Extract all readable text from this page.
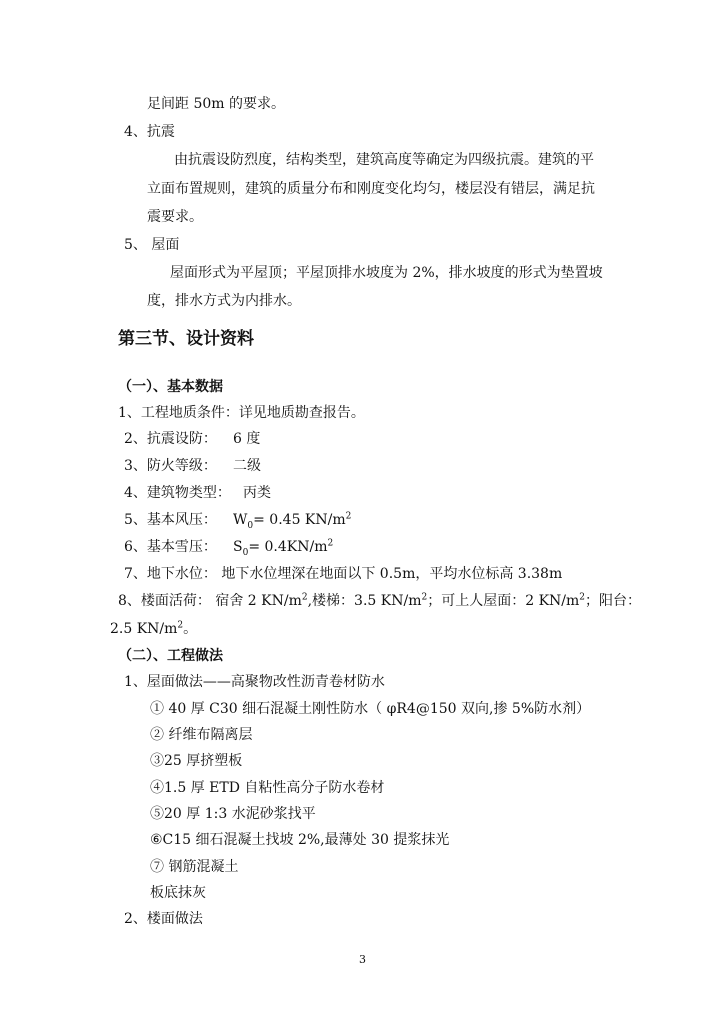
足间距 50m 的要求。
4、抗震
由抗震设防烈度，结构类型，建筑高度等确定为四级抗震。建筑的平
立面布置规则，建筑的质量分布和刚度变化均匀，楼层没有错层，满足抗
震要求。
5、 屋面
屋面形式为平屋顶；平屋顶排水坡度为 2%，排水坡度的形式为垫置坡
度，排水方式为内排水。
第三节、设计资料
（一）、基本数据
1、工程地质条件：详见地质勘查报告。
2、抗震设防： 6 度
3、防火等级： 二级
4、建筑物类型： 丙类
5、基本风压： $W_0= 0.45$ $KN/m^2$
6、基本雪压： $S_0= 0.4KN/m^2$
7、地下水位： 地下水位埋深在地面以下 0.5m，平均水位标高 3.38m
8、楼面活荷： 宿舍 2 $KN/m^2$,楼梯：3.5 $KN/m^2$；可上人屋面：2 $KN/m^2$；阳台：
2.5 $KN/m^2$。
（二）、工程做法
1、屋面做法——高聚物改性沥青卷材防水
① 40 厚 C30 细石混凝土刚性防水（ φR4@150 双向,掺 5%防水剂）
② 纤维布隔离层
③25 厚挤塑板
④1.5 厚 ETD 自粘性高分子防水卷材
⑤20 厚 1:3 水泥砂浆找平
⑥C15 细石混凝土找坡 2%,最薄处 30 提浆抹光
⑦ 钢筋混凝土
板底抹灰
2、楼面做法
3
